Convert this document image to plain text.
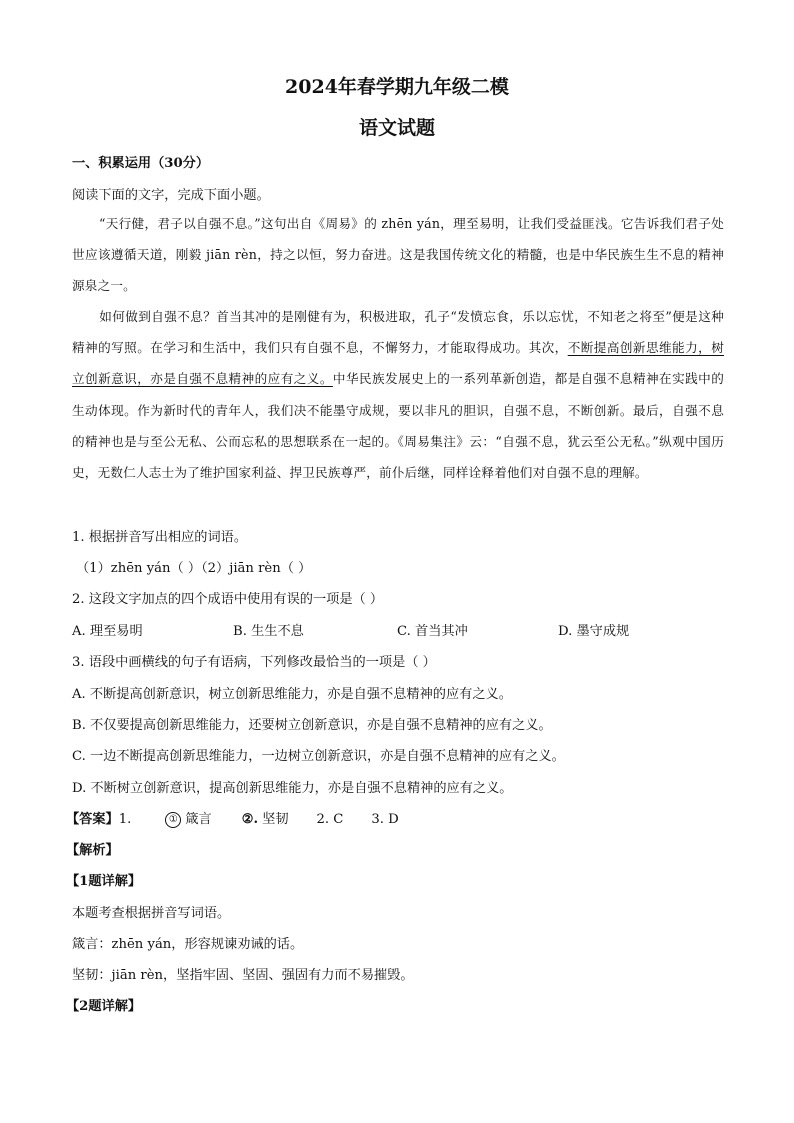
2024年春学期九年级二模
语文试题
一、积累运用（30分）
阅读下面的文字，完成下面小题。
“天行健，君子以自强不息。”这句出自《周易》的 zhēn yán，理至易明，让我们受益匪浅。它告诉我们君子处世应该遵循天道，刚毅 jiān rèn，持之以恒，努力奋进。这是我国传统文化的精髓，也是中华民族生生不息的精神源泉之一。
如何做到自强不息？首当其冲的是刚健有为，积极进取，孔子“发愤忘食，乐以忘忧，不知老之将至”便是这种精神的写照。在学习和生活中，我们只有自强不息，不懈努力，才能取得成功。其次，不断提高创新思维能力，树立创新意识，亦是自强不息精神的应有之义。中华民族发展史上的一系列革新创造，都是自强不息精神在实践中的生动体现。作为新时代的青年人，我们决不能墨守成规，要以非凡的胆识，自强不息，不断创新。最后，自强不息的精神也是与至公无私、公而忘私的思想联系在一起的。《周易集注》云：“自强不息，犹云至公无私。”纵观中国历史，无数仁人志士为了维护国家利益、捍卫民族尊严，前仆后继，同样诠释着他们对自强不息的理解。
1. 根据拼音写出相应的词语。
（1）zhēn yán（ ）（2）jiān rèn（ ）
2. 这段文字加点的四个成语中使用有误的一项是（ ）
A. 理至易明	B. 生生不息	C. 首当其冲	D. 墨守成规
3. 语段中画横线的句子有语病，下列修改最恰当的一项是（ ）
A. 不断提高创新意识，树立创新思维能力，亦是自强不息精神的应有之义。
B. 不仅要提高创新思维能力，还要树立创新意识，亦是自强不息精神的应有之义。
C. 一边不断提高创新思维能力，一边树立创新意识，亦是自强不息精神的应有之义。
D. 不断树立创新意识，提高创新思维能力，亦是自强不息精神的应有之义。
【答案】1.	① 箴言 ②. 坚韧 2. C 3. D
【解析】
【1题详解】
本题考查根据拼音写词语。
箴言：zhēn yán，形容规谏劝诫的话。
坚韧：jiān rèn，坚指牢固、坚固、强固有力而不易摧毁。
【2题详解】
